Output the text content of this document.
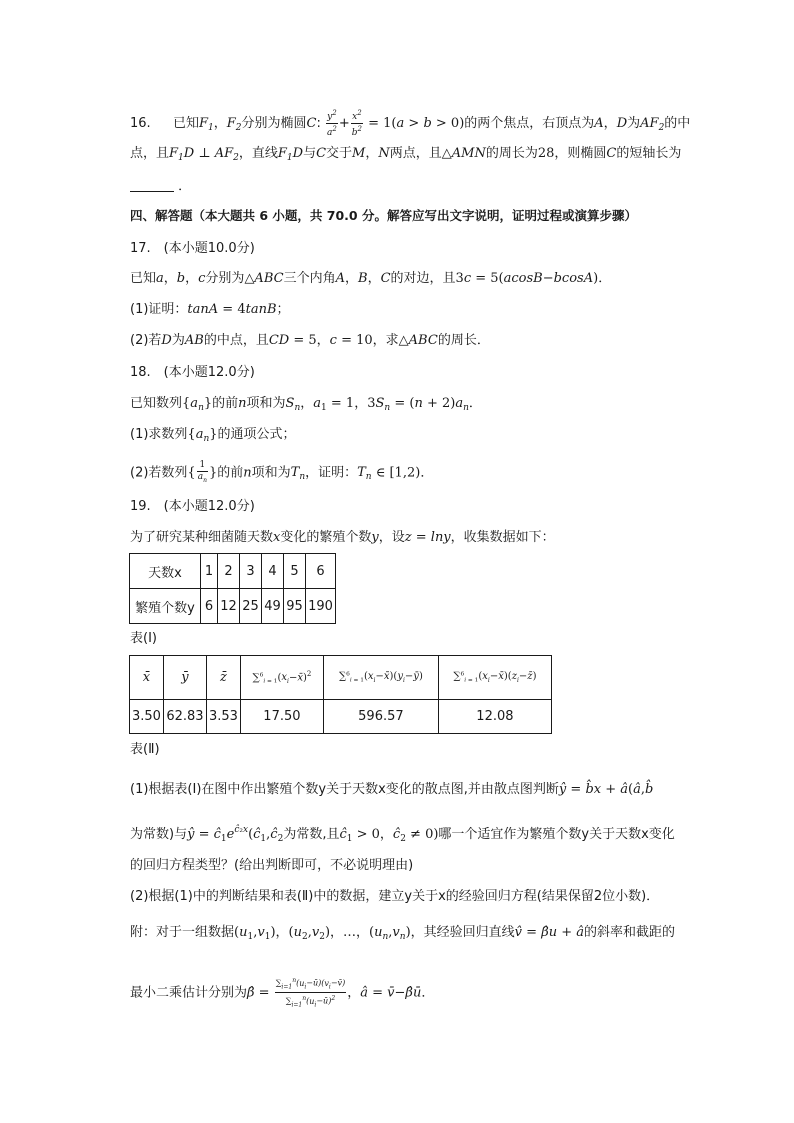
16. 已知$F_1$，$F_2$分别为椭圆C: $\frac{y^2}{a^2} + \frac{x^2}{b^2} = 1(a > b > 0)$的两个焦点，右顶点为A，D为$AF_2$的中
点，且$F_1D$ ⊥ $AF_2$，直线$F_1D$与C交于M，N两点，且△AMN的周长为28，则椭圆C的短轴长为
．
四、解答题（本大题共 6 小题，共 70.0 分。解答应写出文字说明，证明过程或演算步骤）
17.　(本小题10.0分)
已知a，b，c分别为△ABC三个内角A，B，C的对边，且3c = 5(acosB−bcosA)．
(1)证明：tanA = 4tanB；
(2)若D为AB的中点，且CD = 5，c = 10，求△ABC的周长．
18.　(本小题12.0分)
已知数列$\{a_n\}$的前n项和为$S_n$，$a_1 = 1$，$3S_n = (n + 2)a_n$．
(1)求数列$\{a_n\}$的通项公式；
(2)若数列{ $\frac{1}{a_n}$ }的前n项和为$T_n$，证明：$T_n$ ∈ [1,2)．
19.　(本小题12.0分)
为了研究某种细菌随天数x变化的繁殖个数y，设z = lny，收集数据如下：
天数x	1	2	3	4	5	6
繁殖个数y	6	12	25	49	95	190
表(Ⅰ)
x̄	ȳ	z̄	$\sum^6_{i = 1}(x_i-x̄)^2$	$\sum^6_{i = 1}(x_i-x̄)(y_i-ȳ)$	$\sum^6_{i = 1}(x_i-x̄)(z_i-z̄)$
3.50	62.83	3.53	17.50	596.57	12.08
表(Ⅱ)
(1)根据表(Ⅰ)在图中作出繁殖个数y关于天数x变化的散点图,并由散点图判断ŷ = b̂x + â(â,b̂
为常数)与ŷ = $ĉ_1e^{ĉ_2x}(ĉ_1,ĉ_2$为常数,且$ĉ_1 > 0$，$ĉ_2 \ne 0$)哪一个适宜作为繁殖个数y关于天数x变化
的回归方程类型？(给出判断即可，不必说明理由)
(2)根据(1)中的判断结果和表(Ⅱ)中的数据，建立y关于x的经验回归方程(结果保留2位小数)．
附：对于一组数据$(u_1,v_1)$，$(u_2,v_2)$，…，$(u_n,v_n)$，其经验回归直线v̂ = β̂u + â的斜率和截距的
最小二乘估计分别为β̂ = $\frac{\sum_{i=1}^n(u_i-ū)(v_i-v̄)}{\sum_{i=1}^n(u_i-ū)^2}$ ，â = v̄−β̂ū．
